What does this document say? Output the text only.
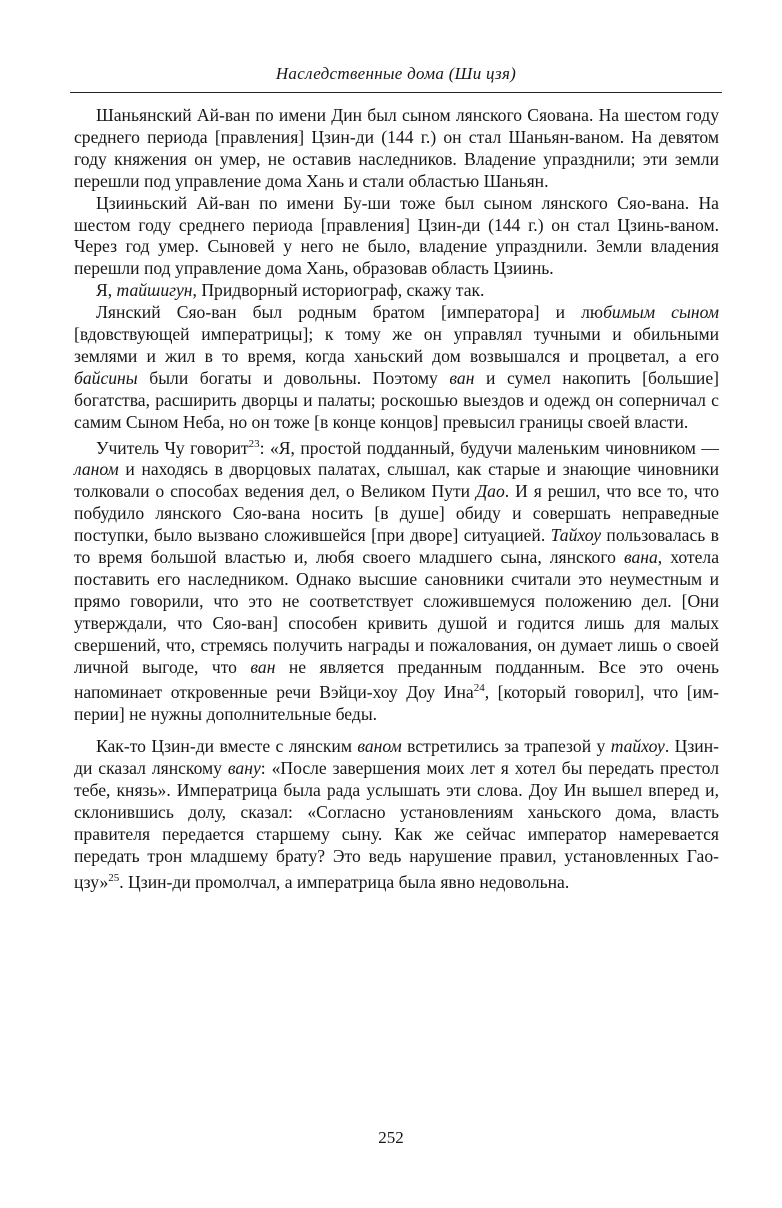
Наследственные дома (Ши цзя)

Шаньянский Ай-ван по имени Дин был сыном лянского Сяована. На шестом году среднего периода [правления] Цзин-ди (144 г.) он стал Шаньян-ваном. На девятом году княжения он умер, не оставив наследников. Владение упразднили; эти земли перешли под управление дома Хань и стали областью Шаньян.

Цзииньский Ай-ван по имени Бу-ши тоже был сыном лянского Сяо-вана. На шестом году среднего периода [правления] Цзин-ди (144 г.) он стал Цзинь-ваном. Через год умер. Сыновей у него не было, владение упразднили. Земли владения перешли под управление дома Хань, образовав область Цзиинь.

Я, тайшигун, Придворный историограф, скажу так.

Лянский Сяо-ван был родным братом [императора] и любимым сыном [вдовствующей императрицы]; к тому же он управлял тучными и обильными землями и жил в то время, когда ханьский дом возвышался и процветал, а его байсины были богаты и довольны. Поэтому ван и сумел накопить [большие] богатства, расширить дворцы и палаты; роскошью выездов и одежд он соперничал с самим Сыном Неба, но он тоже [в конце концов] превысил границы своей власти.

Учитель Чу говорит$^{23}$: «Я, простой подданный, будучи маленьким чиновником — ланом и находясь в дворцовых палатах, слышал, как старые и знающие чиновники толковали о способах ведения дел, о Великом Пути Дао. И я решил, что все то, что побудило лянского Сяо-вана носить [в душе] обиду и совершать неправедные поступки, было вызвано сложившейся [при дворе] ситуацией. Тайхоу пользовалась в то время большой властью и, любя своего младшего сына, лянского вана, хотела поставить его наследником. Однако высшие сановники считали это неуместным и прямо говорили, что это не соответствует сложившемуся положению дел. [Они утверждали, что Сяо-ван] способен кривить душой и годится лишь для малых свершений, что, стремясь получить награды и пожалования, он думает лишь о своей личной выгоде, что ван не является преданным подданным. Все это очень напоминает откровенные речи Вэйци-хоу Доу Ина$^{24}$, [который говорил], что [империи] не нужны дополнительные беды.

Как-то Цзин-ди вместе с лянским ваном встретились за трапезой у тайхоу. Цзин-ди сказал лянскому вану: «После завершения моих лет я хотел бы передать престол тебе, князь». Императрица была рада услышать эти слова. Доу Ин вышел вперед и, склонившись долу, сказал: «Согласно установлениям ханьского дома, власть правителя передается старшему сыну. Как же сейчас император намеревается передать трон младшему брату? Это ведь нарушение правил, установленных Гаоцзу»$^{25}$. Цзин-ди промолчал, а императрица была явно недовольна.

252
